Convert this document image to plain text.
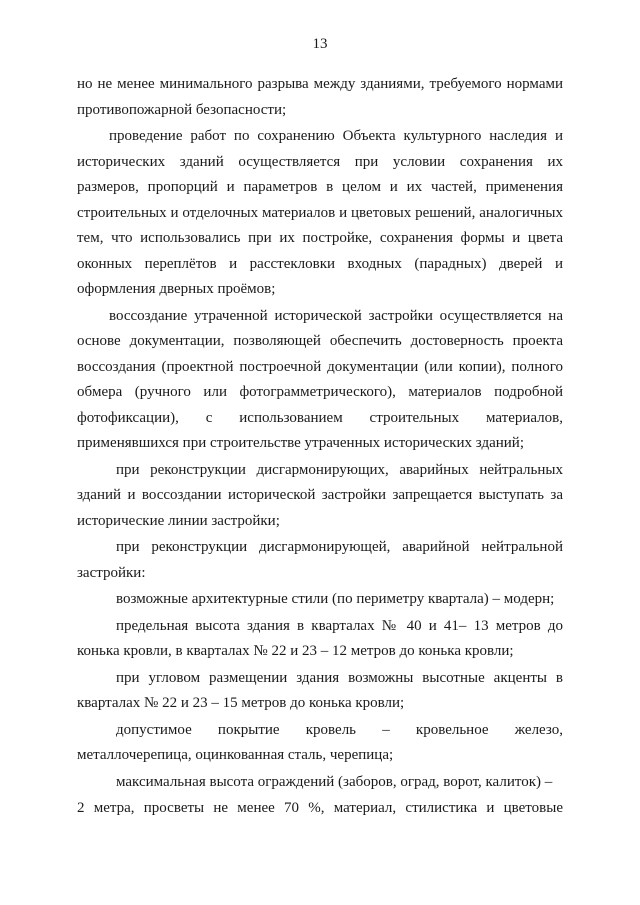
13

но не менее минимального разрыва между зданиями, требуемого нормами противопожарной безопасности;

проведение работ по сохранению Объекта культурного наследия и исторических зданий осуществляется при условии сохранения их размеров, пропорций и параметров в целом и их частей, применения строительных и отделочных материалов и цветовых решений, аналогичных тем, что использовались при их постройке, сохранения формы и цвета оконных переплётов и расстекловки входных (парадных) дверей и оформления дверных проёмов;

воссоздание утраченной исторической застройки осуществляется на основе документации, позволяющей обеспечить достоверность проекта воссоздания (проектной построечной документации (или копии), полного обмера (ручного или фотограмметрического), материалов подробной фотофиксации), с использованием строительных материалов, применявшихся при строительстве утраченных исторических зданий;

при реконструкции дисгармонирующих, аварийных нейтральных зданий и воссоздании исторической застройки запрещается выступать за исторические линии застройки;

при реконструкции дисгармонирующей, аварийной нейтральной застройки:

возможные архитектурные стили (по периметру квартала) – модерн;

предельная высота здания в кварталах № 40 и 41– 13 метров до конька кровли, в кварталах № 22 и 23 – 12 метров до конька кровли;

при угловом размещении здания возможны высотные акценты в кварталах № 22 и 23 – 15 метров до конька кровли;

допустимое покрытие кровель – кровельное железо, металлочерепица, оцинкованная сталь, черепица;

максимальная высота ограждений (заборов, оград, ворот, калиток) –

2 метра, просветы не менее 70 %, материал, стилистика и цветовые
